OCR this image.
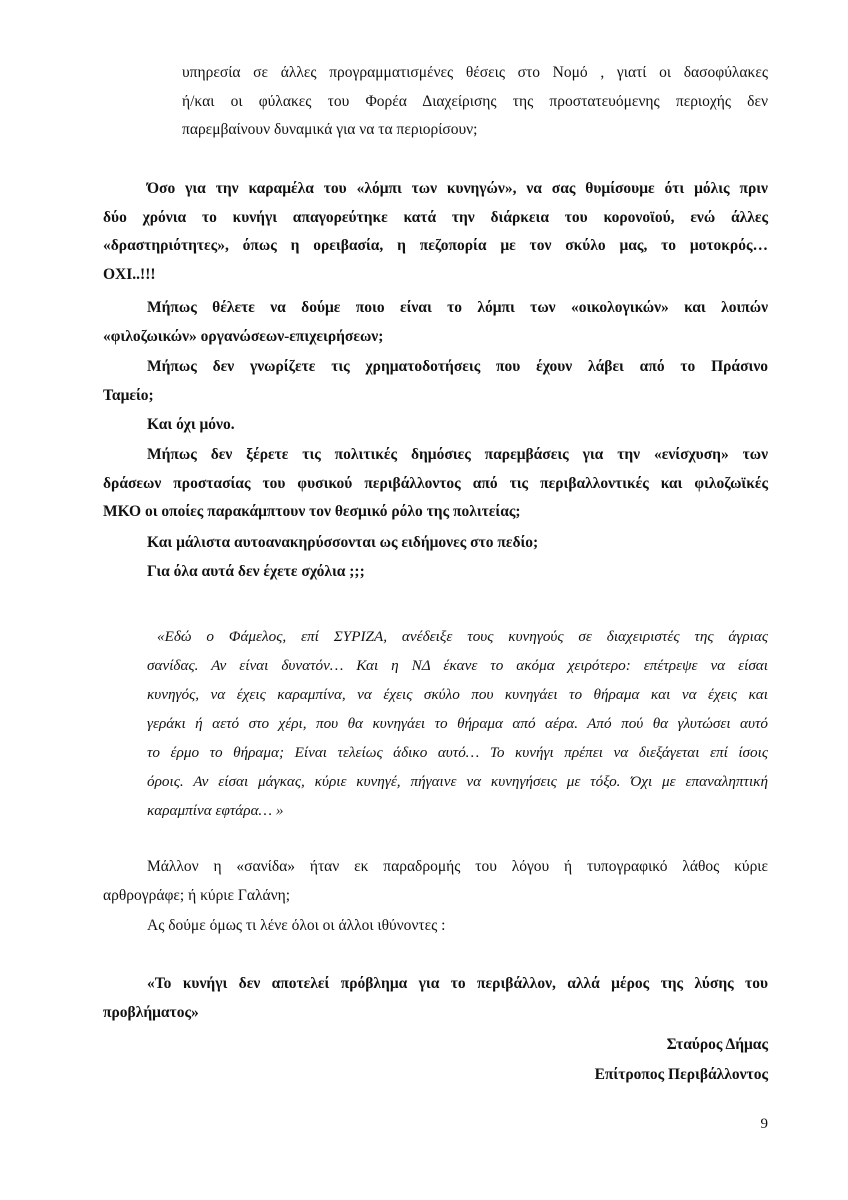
υπηρεσία σε άλλες προγραμματισμένες θέσεις στο Νομό , γιατί οι δασοφύλακες
ή/και οι φύλακες του Φορέα Διαχείρισης της προστατευόμενης περιοχής δεν
παρεμβαίνουν δυναμικά για να τα περιορίσουν;
Όσο για την καραμέλα του «λόμπι των κυνηγών», να σας θυμίσουμε ότι μόλις πριν
δύο χρόνια το κυνήγι απαγορεύτηκε κατά την διάρκεια του κορονοϊού, ενώ άλλες
«δραστηριότητες», όπως η ορειβασία, η πεζοπορία με τον σκύλο μας, το μοτοκρός…
ΟΧΙ..!!!
Μήπως θέλετε να δούμε ποιο είναι το λόμπι των «οικολογικών» και λοιπών
«φιλοζωικών» οργανώσεων-επιχειρήσεων;
Μήπως δεν γνωρίζετε τις χρηματοδοτήσεις που έχουν λάβει από το Πράσινο
Ταμείο;
Και όχι μόνο.
Μήπως δεν ξέρετε τις πολιτικές δημόσιες παρεμβάσεις για την «ενίσχυση» των
δράσεων προστασίας του φυσικού περιβάλλοντος από τις περιβαλλοντικές και φιλοζωϊκές
ΜΚΟ οι οποίες παρακάμπτουν τον θεσμικό ρόλο της πολιτείας;
Και μάλιστα αυτοανακηρύσσονται ως ειδήμονες στο πεδίο;
Για όλα αυτά δεν έχετε σχόλια ;;;
«Εδώ ο Φάμελος, επί ΣΥΡΙΖΑ, ανέδειξε τους κυνηγούς σε διαχειριστές της άγριας
σανίδας. Αν είναι δυνατόν… Και η ΝΔ έκανε το ακόμα χειρότερο: επέτρεψε να είσαι
κυνηγός, να έχεις καραμπίνα, να έχεις σκύλο που κυνηγάει το θήραμα και να έχεις και
γεράκι ή αετό στο χέρι, που θα κυνηγάει το θήραμα από αέρα. Από πού θα γλυτώσει αυτό
το έρμο το θήραμα; Είναι τελείως άδικο αυτό… Το κυνήγι πρέπει να διεξάγεται επί ίσοις
όροις. Αν είσαι μάγκας, κύριε κυνηγέ, πήγαινε να κυνηγήσεις με τόξο. Όχι με επαναληπτική
καραμπίνα εφτάρα… »
Μάλλον η «σανίδα» ήταν εκ παραδρομής του λόγου ή τυπογραφικό λάθος κύριε
αρθρογράφε; ή κύριε Γαλάνη;
Ας δούμε όμως τι λένε όλοι οι άλλοι ιθύνοντες :
«Το κυνήγι δεν αποτελεί πρόβλημα για το περιβάλλον, αλλά μέρος της λύσης του
προβλήματος»
Σταύρος Δήμας
Επίτροπος Περιβάλλοντος
9
